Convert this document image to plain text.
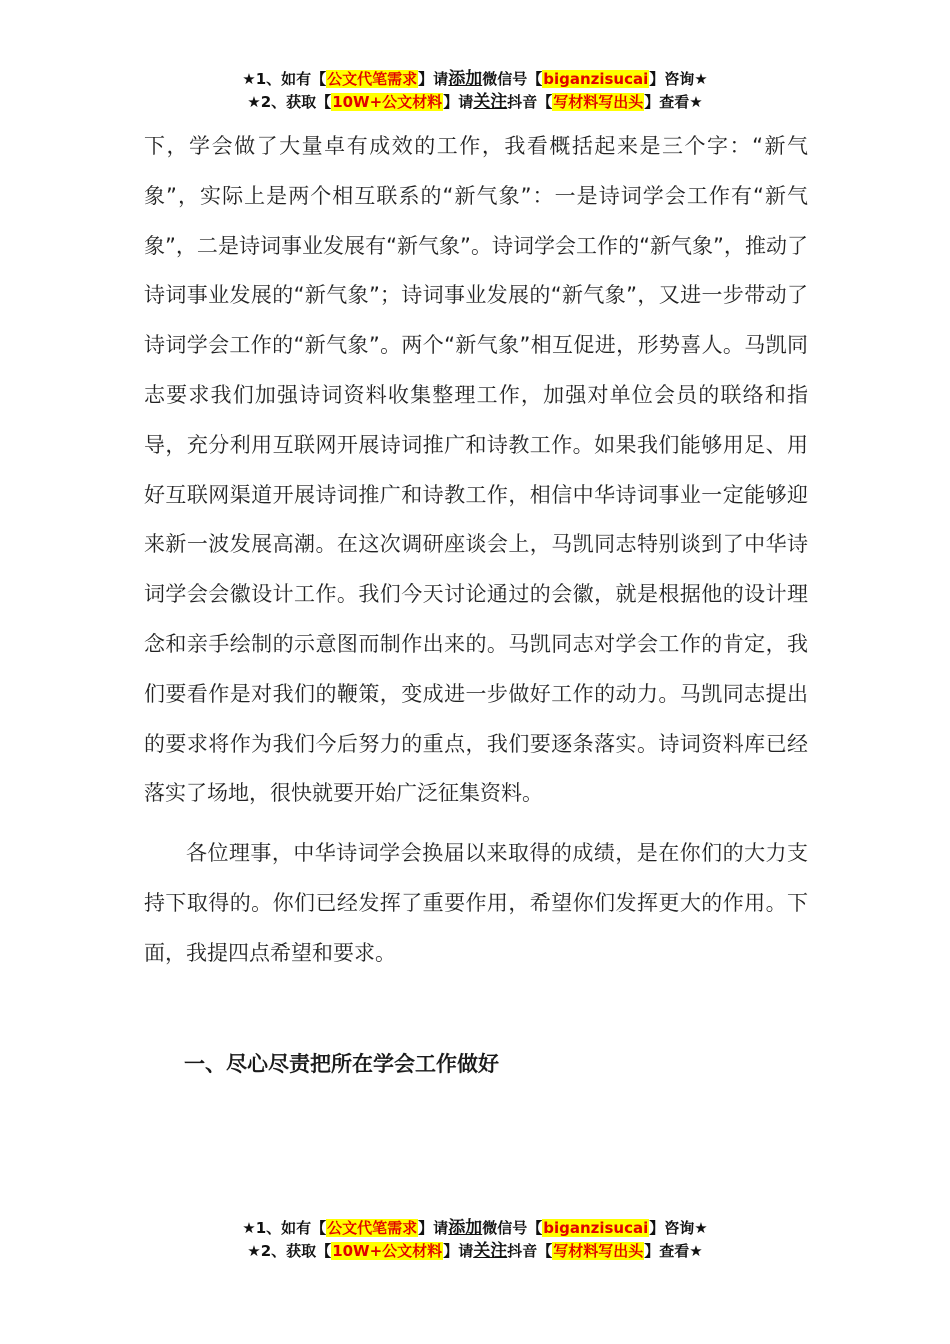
★1、如有【公文代笔需求】请添加微信号【biganzisucai】咨询★
★2、获取【10W+公文材料】请关注抖音【写材料写出头】查看★

下，学会做了大量卓有成效的工作，我看概括起来是三个字：“新气象”，实际上是两个相互联系的“新气象”：一是诗词学会工作有“新气象”，二是诗词事业发展有“新气象”。诗词学会工作的“新气象”，推动了诗词事业发展的“新气象”；诗词事业发展的“新气象”，又进一步带动了诗词学会工作的“新气象”。两个“新气象”相互促进，形势喜人。马凯同志要求我们加强诗词资料收集整理工作，加强对单位会员的联络和指导，充分利用互联网开展诗词推广和诗教工作。如果我们能够用足、用好互联网渠道开展诗词推广和诗教工作，相信中华诗词事业一定能够迎来新一波发展高潮。在这次调研座谈会上，马凯同志特别谈到了中华诗词学会会徽设计工作。我们今天讨论通过的会徽，就是根据他的设计理念和亲手绘制的示意图而制作出来的。马凯同志对学会工作的肯定，我们要看作是对我们的鞭策，变成进一步做好工作的动力。马凯同志提出的要求将作为我们今后努力的重点，我们要逐条落实。诗词资料库已经落实了场地，很快就要开始广泛征集资料。

各位理事，中华诗词学会换届以来取得的成绩，是在你们的大力支持下取得的。你们已经发挥了重要作用，希望你们发挥更大的作用。下面，我提四点希望和要求。

一、尽心尽责把所在学会工作做好
★1、如有【公文代笔需求】请添加微信号【biganzisucai】咨询★
★2、获取【10W+公文材料】请关注抖音【写材料写出头】查看★
